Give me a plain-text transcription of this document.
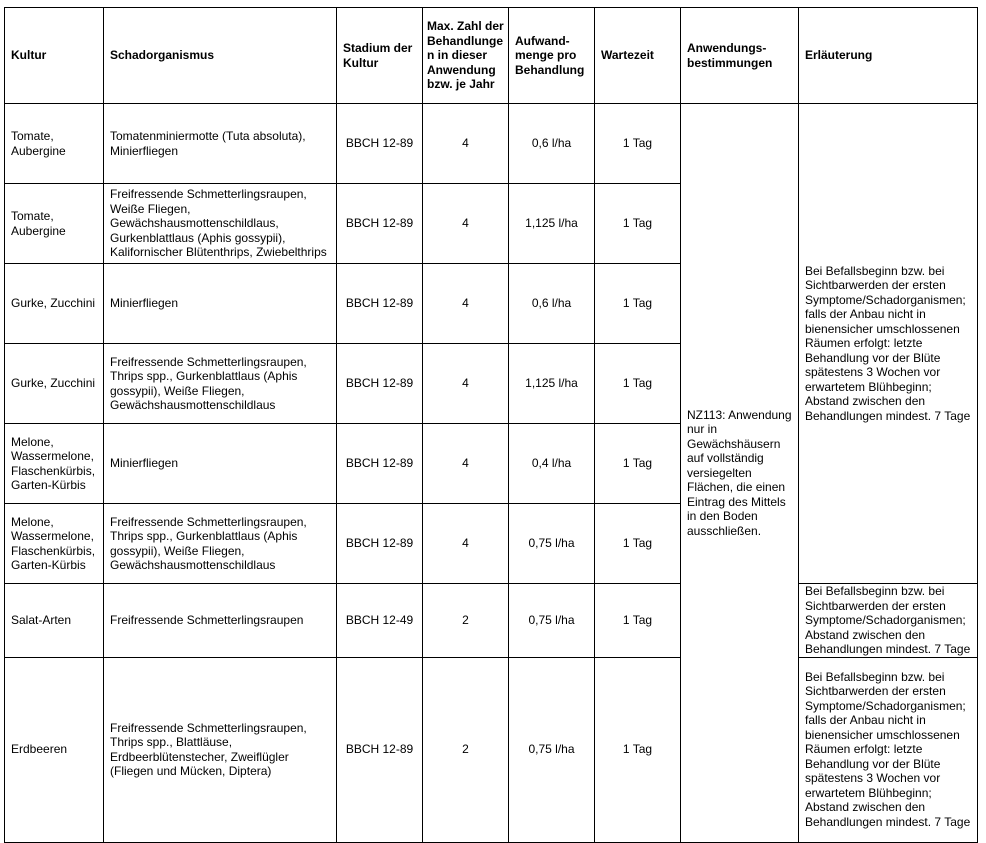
Kultur	Schadorganismus	Stadium der Kultur	Max. Zahl der Behandlungen in dieser Anwendung bzw. je Jahr	Aufwand-menge pro Behandlung	Wartezeit	Anwendungs-bestimmungen	Erläuterung
Tomate, Aubergine	Tomatenminiermotte (Tuta absoluta), Minierfliegen	BBCH 12-89	4	0,6 l/ha	1 Tag	NZ113: Anwendung nur in Gewächshäusern auf vollständig versiegelten Flächen, die einen Eintrag des Mittels in den Boden ausschließen.	Bei Befallsbeginn bzw. bei Sichtbarwerden der ersten Symptome/Schadorganismen; falls der Anbau nicht in bienensicher umschlossenen Räumen erfolgt: letzte Behandlung vor der Blüte spätestens 3 Wochen vor erwartetem Blühbeginn; Abstand zwischen den Behandlungen mindest. 7 Tage
Tomate, Aubergine	Freifressende Schmetterlingsraupen, Weiße Fliegen, Gewächshausmottenschildlaus, Gurkenblattlaus (Aphis gossypii), Kalifornischer Blütenthrips, Zwiebelthrips	BBCH 12-89	4	1,125 l/ha	1 Tag		
Gurke, Zucchini	Minierfliegen	BBCH 12-89	4	0,6 l/ha	1 Tag		
Gurke, Zucchini	Freifressende Schmetterlingsraupen, Thrips spp., Gurkenblattlaus (Aphis gossypii), Weiße Fliegen, Gewächshausmottenschildlaus	BBCH 12-89	4	1,125 l/ha	1 Tag		
Melone, Wassermelone, Flaschenkürbis, Garten-Kürbis	Minierfliegen	BBCH 12-89	4	0,4 l/ha	1 Tag		
Melone, Wassermelone, Flaschenkürbis, Garten-Kürbis	Freifressende Schmetterlingsraupen, Thrips spp., Gurkenblattlaus (Aphis gossypii), Weiße Fliegen, Gewächshausmottenschildlaus	BBCH 12-89	4	0,75 l/ha	1 Tag		
Salat-Arten	Freifressende Schmetterlingsraupen	BBCH 12-49	2	0,75 l/ha	1 Tag		Bei Befallsbeginn bzw. bei Sichtbarwerden der ersten Symptome/Schadorganismen; Abstand zwischen den Behandlungen mindest. 7 Tage
Erdbeeren	Freifressende Schmetterlingsraupen, Thrips spp., Blattläuse, Erdbeerblütenstecher, Zweiflügler (Fliegen und Mücken, Diptera)	BBCH 12-89	2	0,75 l/ha	1 Tag		Bei Befallsbeginn bzw. bei Sichtbarwerden der ersten Symptome/Schadorganismen; falls der Anbau nicht in bienensicher umschlossenen Räumen erfolgt: letzte Behandlung vor der Blüte spätestens 3 Wochen vor erwartetem Blühbeginn; Abstand zwischen den Behandlungen mindest. 7 Tage
